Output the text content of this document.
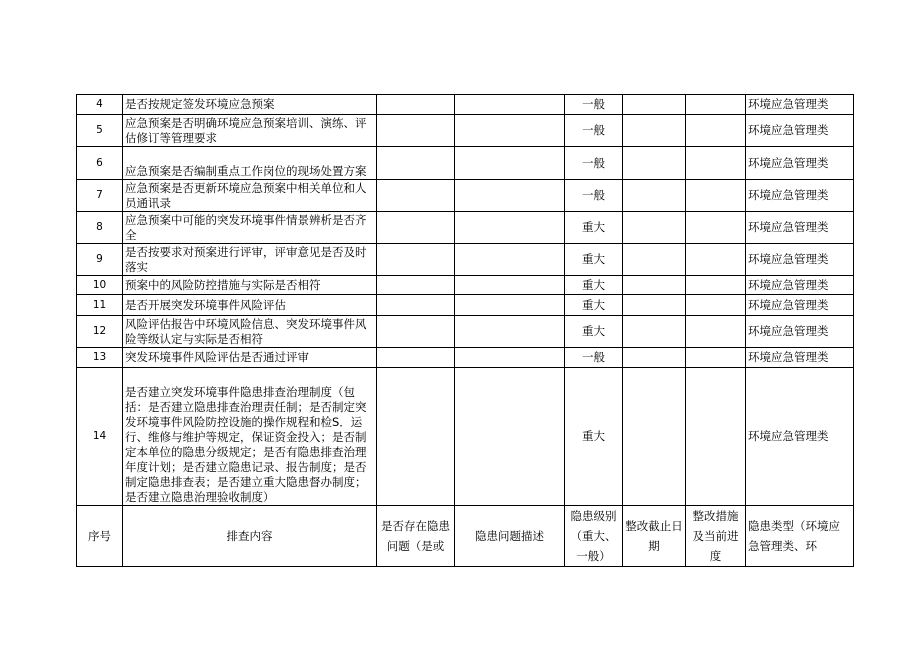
4	是否按规定签发环境应急预案			一般			环境应急管理类
5	应急预案是否明确环境应急预案培训、演练、评估修订等管理要求			一般			环境应急管理类
6	应急预案是否编制重点工作岗位的现场处置方案			一般			环境应急管理类
7	应急预案是否更新环境应急预案中相关单位和人员通讯录			一般			环境应急管理类
8	应急预案中可能的突发环境事件情景辨析是否齐全			重大			环境应急管理类
9	是否按要求对预案进行评审，评审意见是否及时落实			重大			环境应急管理类
10	预案中的风险防控措施与实际是否相符			重大			环境应急管理类
11	是否开展突发环境事件风险评估			重大			环境应急管理类
12	风险评估报告中环境风险信息、突发环境事件风险等级认定与实际是否相符			重大			环境应急管理类
13	突发环境事件风险评估是否通过评审			一般			环境应急管理类
14	是否建立突发环境事件隐患排查治理制度（包括：是否建立隐患排查治理责任制；是否制定突发环境事件风险防控设施的操作规程和检S．运行、维修与维护等规定，保证资金投入；是否制定本单位的隐患分级规定；是否有隐患排查治理年度计划；是否建立隐患记录、报告制度；是否制定隐患排查表；是否建立重大隐患督办制度；是否建立隐患治理验收制度）			重大			环境应急管理类
序号	排查内容	是否存在隐患问题（是或	隐患问题描述	隐患级别（重大、一般）	整改截止日期	整改措施及当前进度	隐患类型（环境应急管理类、环
